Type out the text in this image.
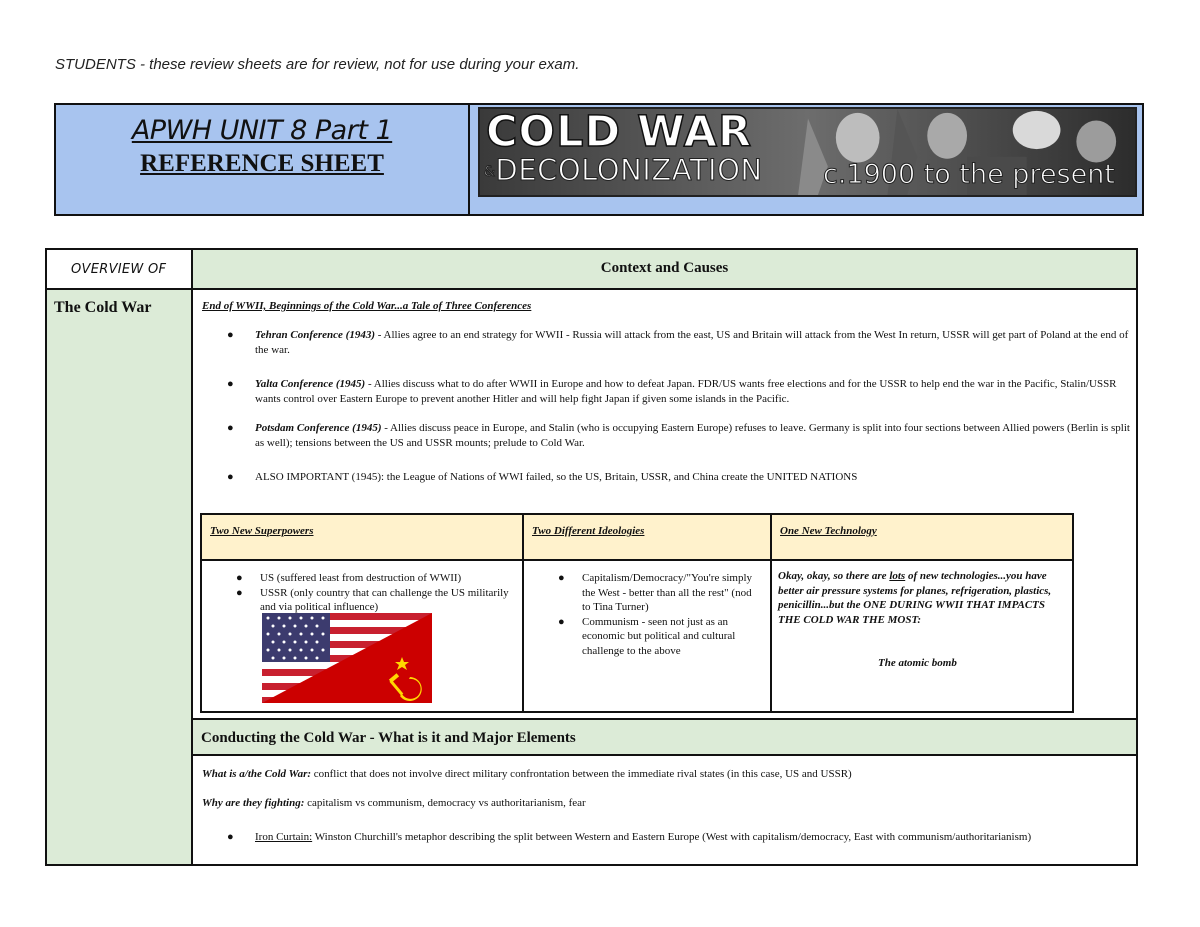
STUDENTS - these review sheets are for review, not for use during your exam.
APWH UNIT 8 Part 1
REFERENCE SHEET
COLD WAR
&DECOLONIZATION c.1900 to the present
OVERVIEW OF
The Cold War
Context and Causes
End of WWII, Beginnings of the Cold War...a Tale of Three Conferences
● Tehran Conference (1943) - Allies agree to an end strategy for WWII - Russia will attack from the east, US and Britain will attack from the West In return, USSR will get part of Poland at the end of the war.
● Yalta Conference (1945) - Allies discuss what to do after WWII in Europe and how to defeat Japan. FDR/US wants free elections and for the USSR to help end the war in the Pacific, Stalin/USSR wants control over Eastern Europe to prevent another Hitler and will help fight Japan if given some islands in the Pacific.
● Potsdam Conference (1945) - Allies discuss peace in Europe, and Stalin (who is occupying Eastern Europe) refuses to leave. Germany is split into four sections between Allied powers (Berlin is split as well); tensions between the US and USSR mounts; prelude to Cold War.
● ALSO IMPORTANT (1945): the League of Nations of WWI failed, so the US, Britain, USSR, and China create the UNITED NATIONS
Two New Superpowers	Two Different Ideologies	One New Technology
● US (suffered least from destruction of WWII)
● USSR (only country that can challenge the US militarily and via political influence)
● Capitalism/Democracy/"You're simply the West - better than all the rest" (nod to Tina Turner)
● Communism - seen not just as an economic but political and cultural challenge to the above
Okay, okay, so there are lots of new technologies...you have better air pressure systems for planes, refrigeration, plastics, penicillin...but the ONE DURING WWII THAT IMPACTS THE COLD WAR THE MOST:
The atomic bomb
Conducting the Cold War - What is it and Major Elements
What is a/the Cold War: conflict that does not involve direct military confrontation between the immediate rival states (in this case, US and USSR)
Why are they fighting: capitalism vs communism, democracy vs authoritarianism, fear
● Iron Curtain: Winston Churchill's metaphor describing the split between Western and Eastern Europe (West with capitalism/democracy, East with communism/authoritarianism)
